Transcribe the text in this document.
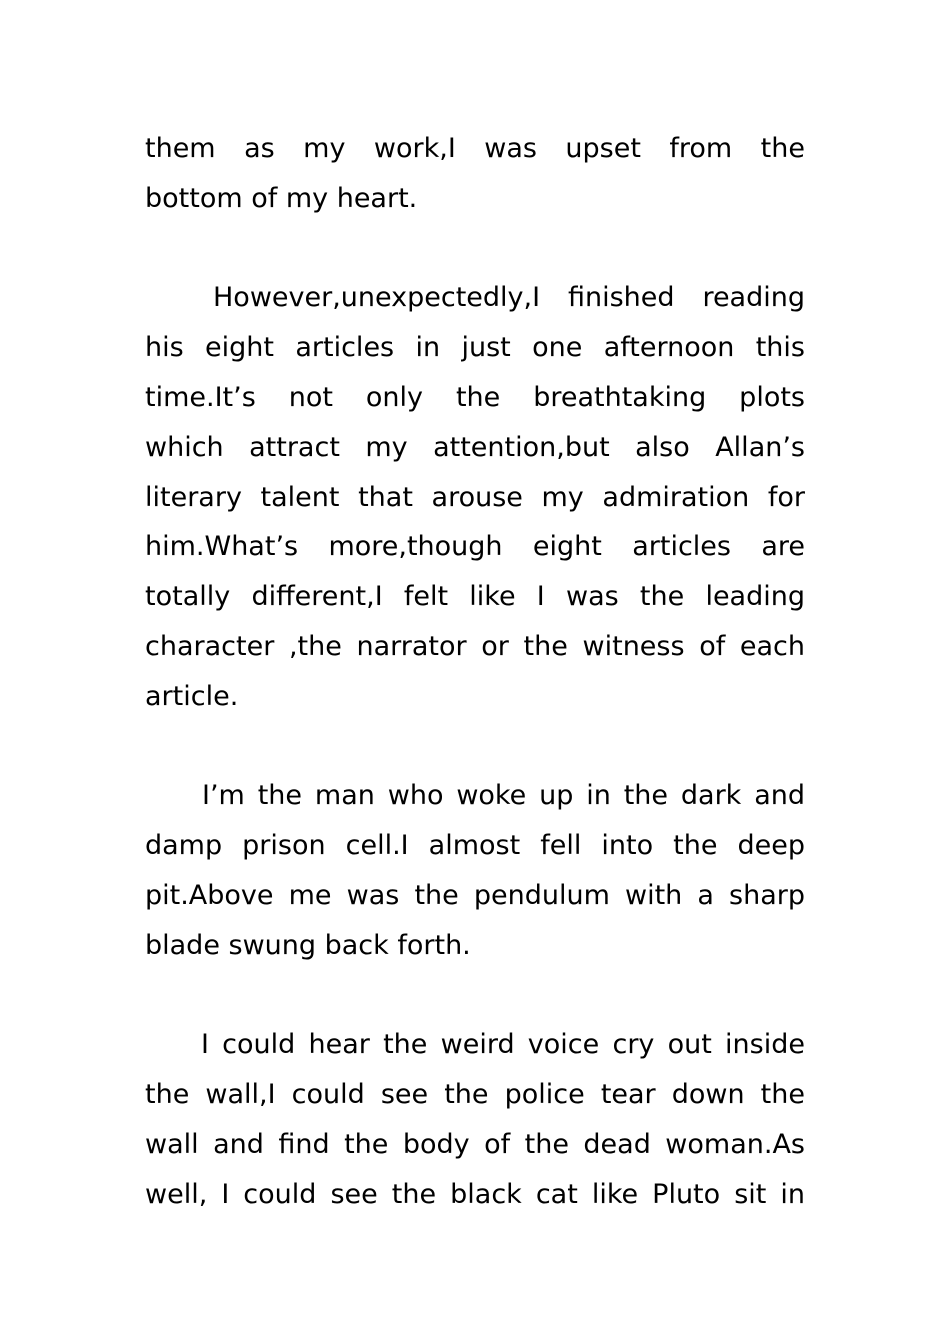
them as my work,I was upset from the
bottom of my heart.
However,unexpectedly,I finished reading
his eight articles in just one afternoon this
time.It’s not only the breathtaking plots
which attract my attention,but also Allan’s
literary talent that arouse my admiration for
him.What’s more,though eight articles are
totally different,I felt like I was the leading
character ,the narrator or the witness of each
article.
I’m the man who woke up in the dark and
damp prison cell.I almost fell into the deep
pit.Above me was the pendulum with a sharp
blade swung back forth.
I could hear the weird voice cry out inside
the wall,I could see the police tear down the
wall and find the body of the dead woman.As
well, I could see the black cat like Pluto sit in
